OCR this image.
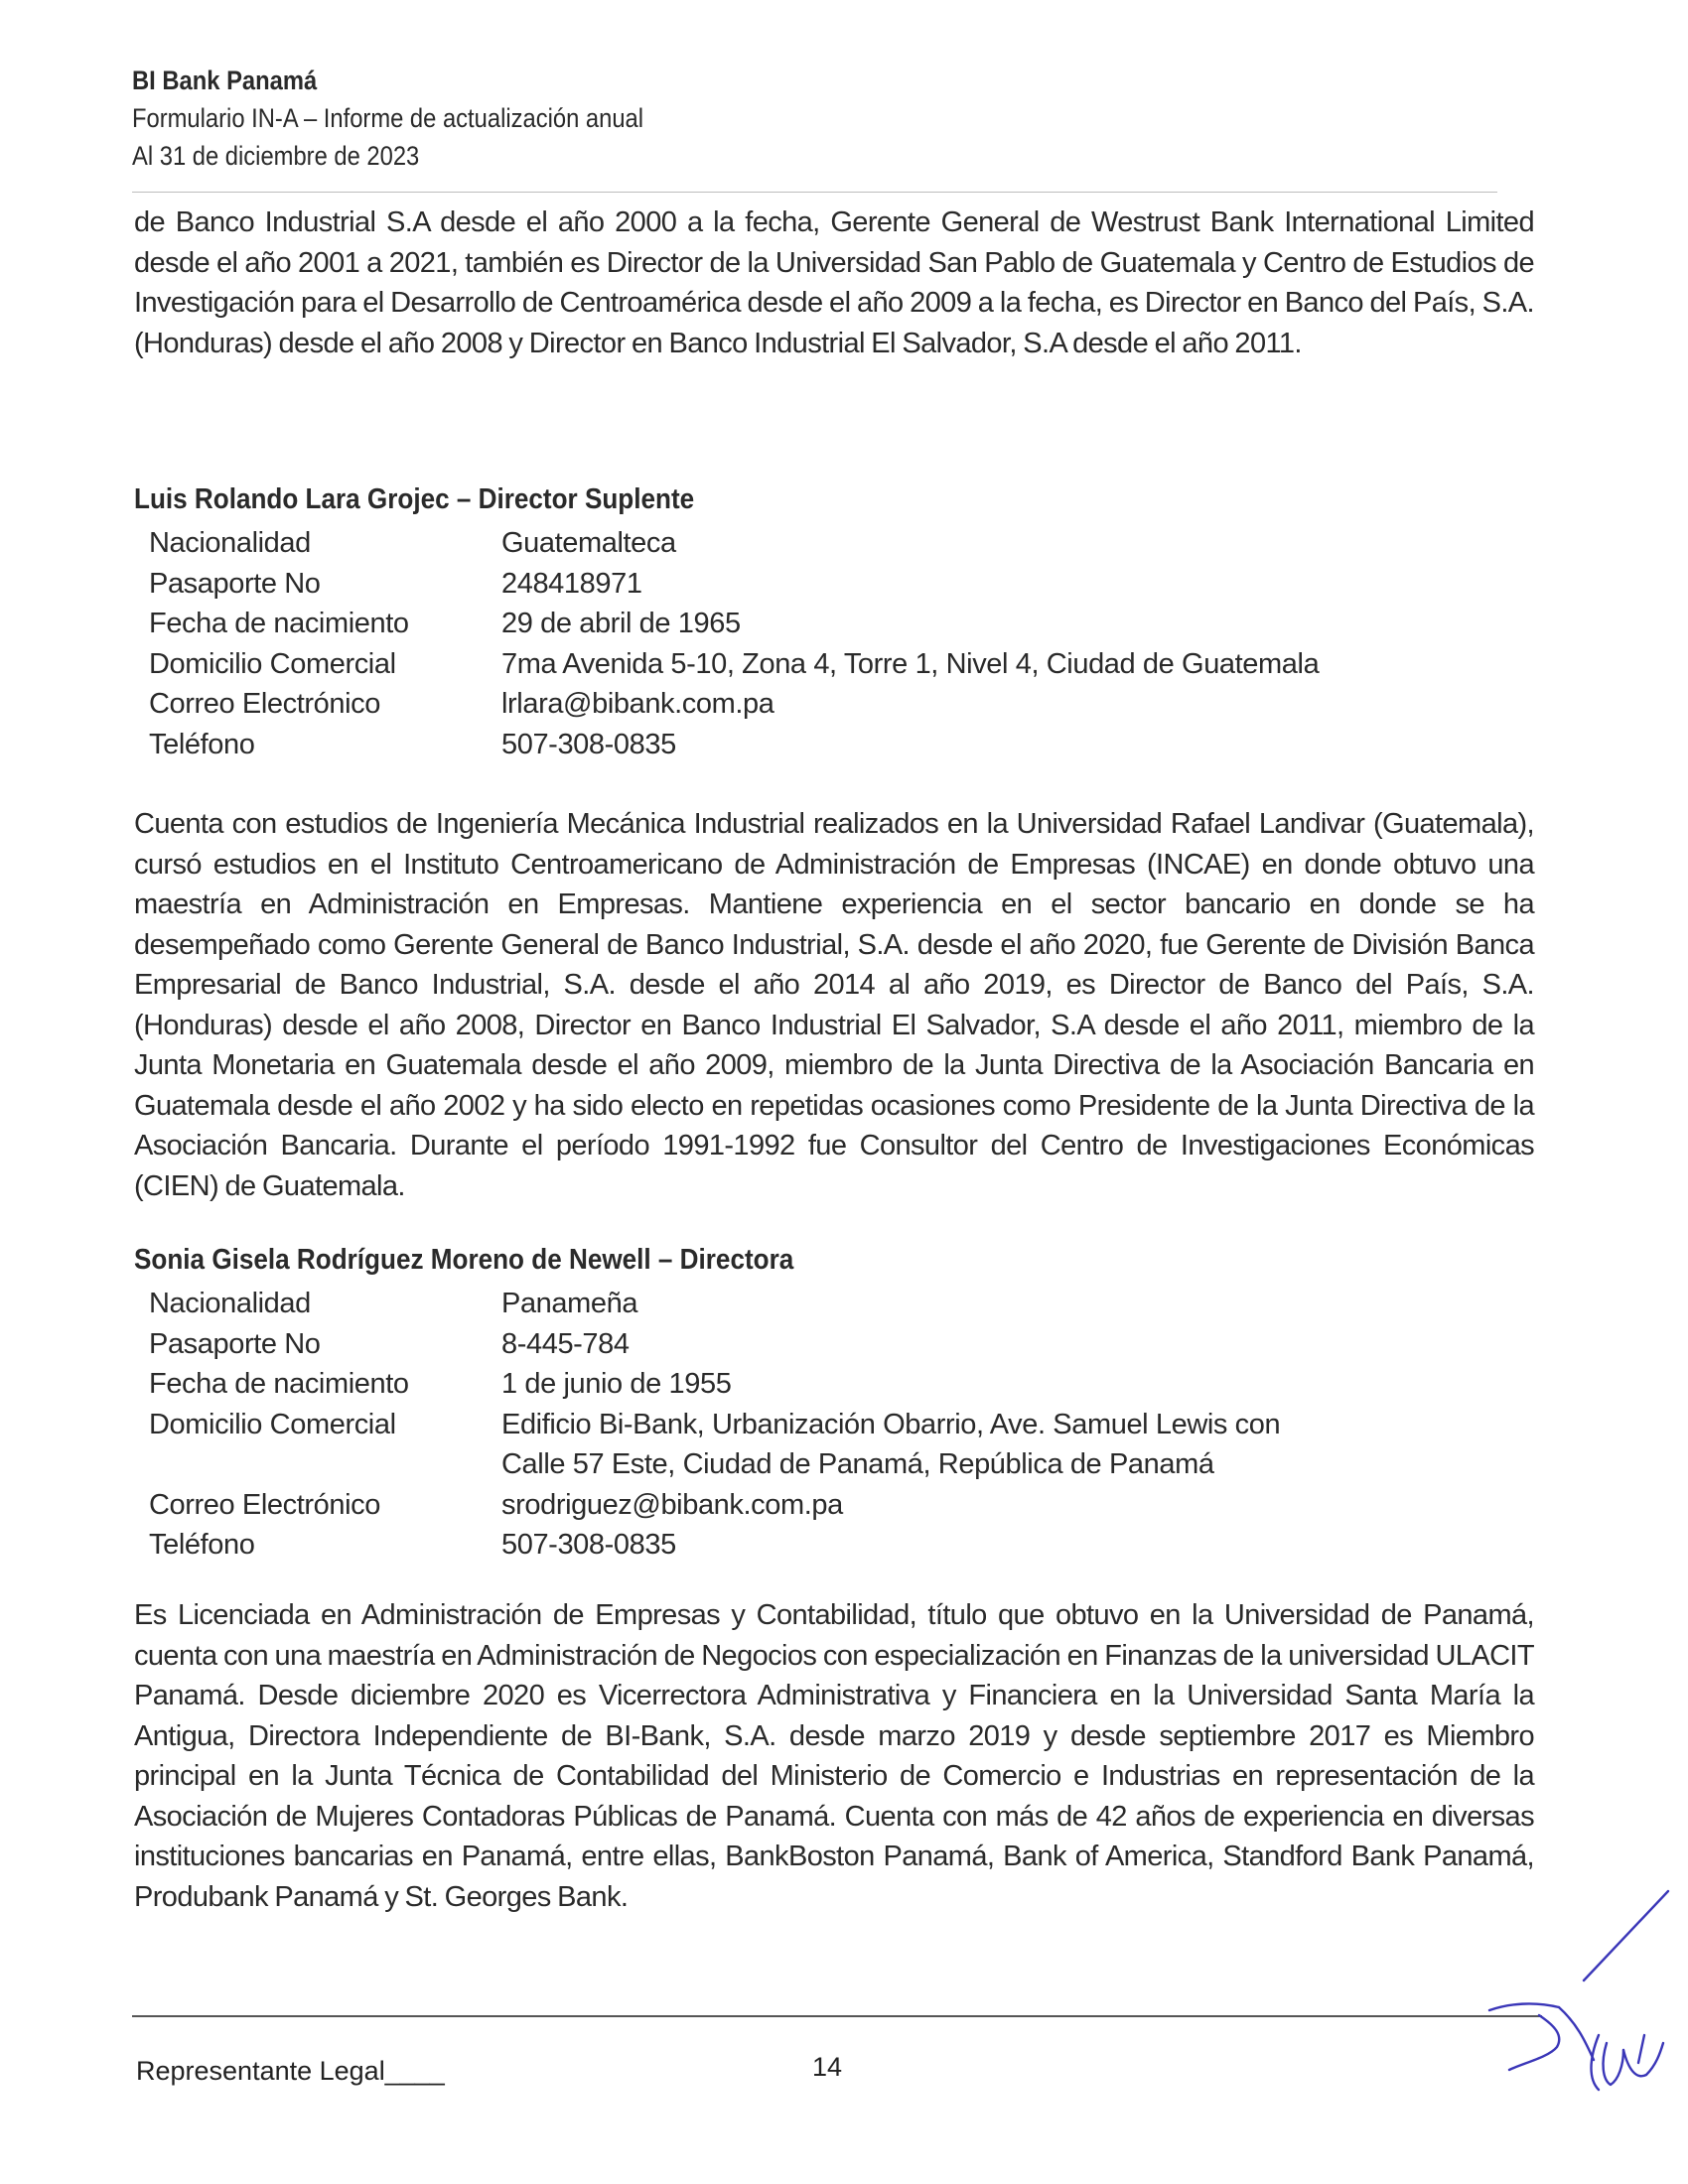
BI Bank Panamá
Formulario IN-A – Informe de actualización anual
Al 31 de diciembre de 2023
de Banco Industrial S.A desde el año 2000 a la fecha, Gerente General de Westrust Bank International Limited desde el año 2001 a 2021, también es Director de la Universidad San Pablo de Guatemala y Centro de Estudios de Investigación para el Desarrollo de Centroamérica desde el año 2009 a la fecha, es Director en Banco del País, S.A. (Honduras) desde el año 2008 y Director en Banco Industrial El Salvador, S.A desde el año 2011.
Luis Rolando Lara Grojec – Director Suplente
Nacionalidad	Guatemalteca
Pasaporte No	248418971
Fecha de nacimiento	29 de abril de 1965
Domicilio Comercial	7ma Avenida 5-10, Zona 4, Torre 1, Nivel 4, Ciudad de Guatemala
Correo Electrónico	lrlara@bibank.com.pa
Teléfono	507-308-0835
Cuenta con estudios de Ingeniería Mecánica Industrial realizados en la Universidad Rafael Landivar (Guatemala), cursó estudios en el Instituto Centroamericano de Administración de Empresas (INCAE) en donde obtuvo una maestría en Administración en Empresas. Mantiene experiencia en el sector bancario en donde se ha desempeñado como Gerente General de Banco Industrial, S.A. desde el año 2020, fue Gerente de División Banca Empresarial de Banco Industrial, S.A. desde el año 2014 al año 2019, es Director de Banco del País, S.A. (Honduras) desde el año 2008, Director en Banco Industrial El Salvador, S.A desde el año 2011, miembro de la Junta Monetaria en Guatemala desde el año 2009, miembro de la Junta Directiva de la Asociación Bancaria en Guatemala desde el año 2002 y ha sido electo en repetidas ocasiones como Presidente de la Junta Directiva de la Asociación Bancaria. Durante el período 1991-1992 fue Consultor del Centro de Investigaciones Económicas (CIEN) de Guatemala.
Sonia Gisela Rodríguez Moreno de Newell – Directora
Nacionalidad	Panameña
Pasaporte No	8-445-784
Fecha de nacimiento	1 de junio de 1955
Domicilio Comercial	Edificio Bi-Bank, Urbanización Obarrio, Ave. Samuel Lewis con
Calle 57 Este, Ciudad de Panamá, República de Panamá
Correo Electrónico	srodriguez@bibank.com.pa
Teléfono	507-308-0835
Es Licenciada en Administración de Empresas y Contabilidad, título que obtuvo en la Universidad de Panamá, cuenta con una maestría en Administración de Negocios con especialización en Finanzas de la universidad ULACIT Panamá. Desde diciembre 2020 es Vicerrectora Administrativa y Financiera en la Universidad Santa María la Antigua, Directora Independiente de BI-Bank, S.A. desde marzo 2019 y desde septiembre 2017 es Miembro principal en la Junta Técnica de Contabilidad del Ministerio de Comercio e Industrias en representación de la Asociación de Mujeres Contadoras Públicas de Panamá. Cuenta con más de 42 años de experiencia en diversas instituciones bancarias en Panamá, entre ellas, BankBoston Panamá, Bank of America, Standford Bank Panamá, Produbank Panamá y St. Georges Bank.
Representante Legal____	14
